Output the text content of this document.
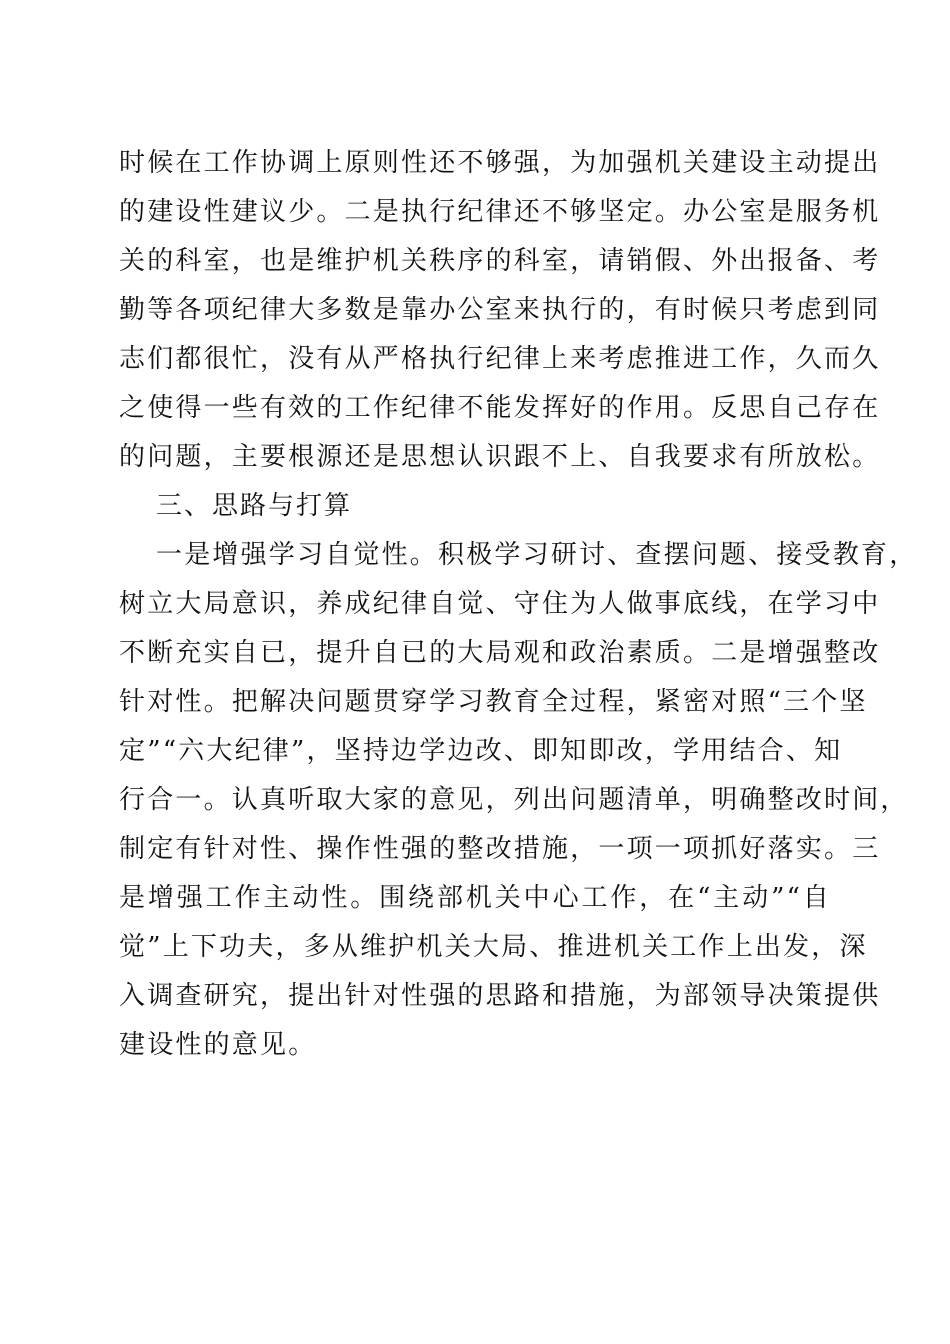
时候在工作协调上原则性还不够强，为加强机关建设主动提出
的建设性建议少。二是执行纪律还不够坚定。办公室是服务机
关的科室，也是维护机关秩序的科室，请销假、外出报备、考
勤等各项纪律大多数是靠办公室来执行的，有时候只考虑到同
志们都很忙，没有从严格执行纪律上来考虑推进工作，久而久
之使得一些有效的工作纪律不能发挥好的作用。反思自己存在
的问题，主要根源还是思想认识跟不上、自我要求有所放松。
三、思路与打算
一是增强学习自觉性。积极学习研讨、查摆问题、接受教育，
树立大局意识，养成纪律自觉、守住为人做事底线，在学习中
不断充实自已，提升自已的大局观和政治素质。二是增强整改
针对性。把解决问题贯穿学习教育全过程，紧密对照“三个坚
定”“六大纪律”，坚持边学边改、即知即改，学用结合、知
行合一。认真听取大家的意见，列出问题清单，明确整改时间，
制定有针对性、操作性强的整改措施，一项一项抓好落实。三
是增强工作主动性。围绕部机关中心工作，在“主动”“自
觉”上下功夫，多从维护机关大局、推进机关工作上出发，深
入调查研究，提出针对性强的思路和措施，为部领导决策提供
建设性的意见。
